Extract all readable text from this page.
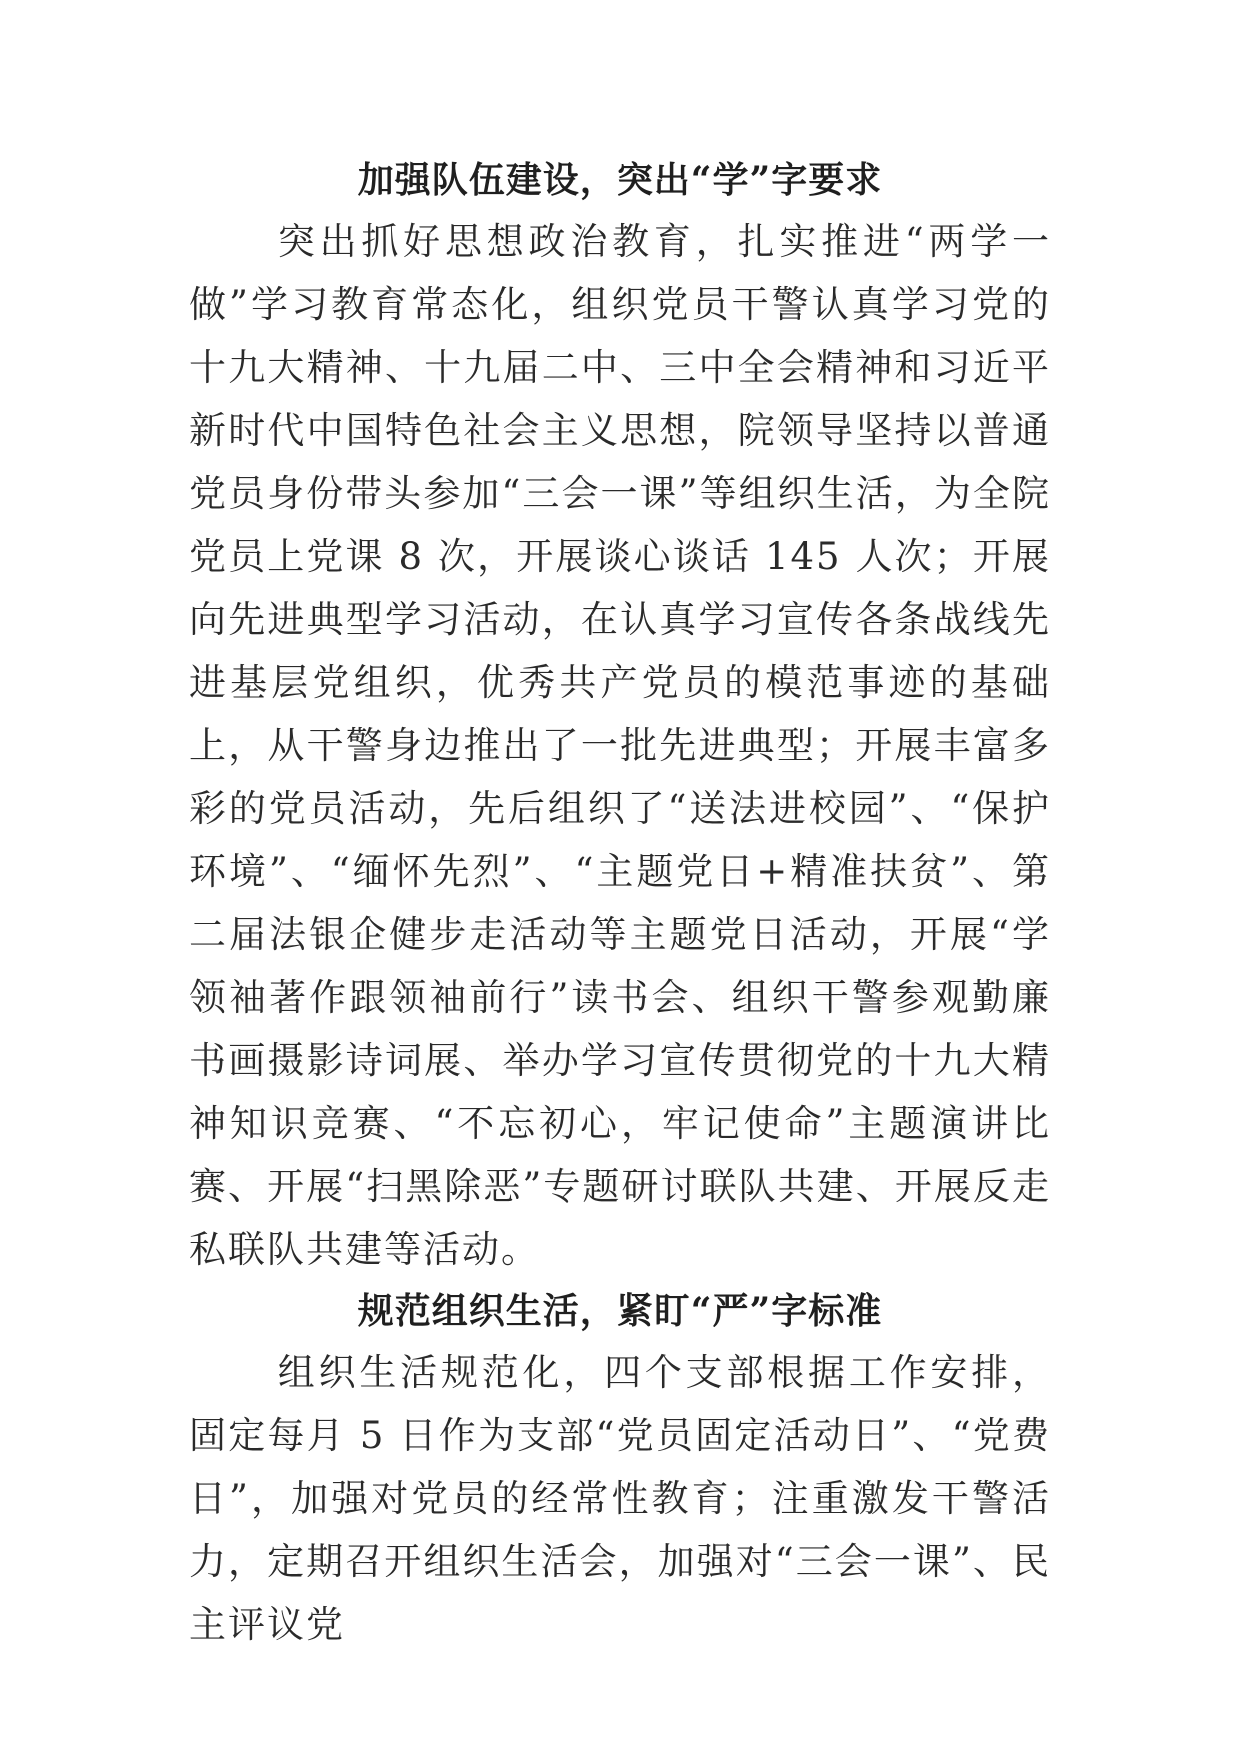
加强队伍建设，突出“学”字要求

突出抓好思想政治教育，扎实推进“两学一做”学习教育常态化，组织党员干警认真学习党的十九大精神、十九届二中、三中全会精神和习近平新时代中国特色社会主义思想，院领导坚持以普通党员身份带头参加“三会一课”等组织生活，为全院党员上党课 8 次，开展谈心谈话 145 人次；开展向先进典型学习活动，在认真学习宣传各条战线先进基层党组织，优秀共产党员的模范事迹的基础上，从干警身边推出了一批先进典型；开展丰富多彩的党员活动，先后组织了“送法进校园”、“保护环境”、“缅怀先烈”、“主题党日+精准扶贫”、第二届法银企健步走活动等主题党日活动，开展“学领袖著作跟领袖前行”读书会、组织干警参观勤廉书画摄影诗词展、举办学习宣传贯彻党的十九大精神知识竞赛、“不忘初心，牢记使命”主题演讲比赛、开展“扫黑除恶”专题研讨联队共建、开展反走私联队共建等活动。

规范组织生活，紧盯“严”字标准

组织生活规范化，四个支部根据工作安排，固定每月 5 日作为支部“党员固定活动日”、“党费日”，加强对党员的经常性教育；注重激发干警活力，定期召开组织生活会，加强对“三会一课”、民主评议党
